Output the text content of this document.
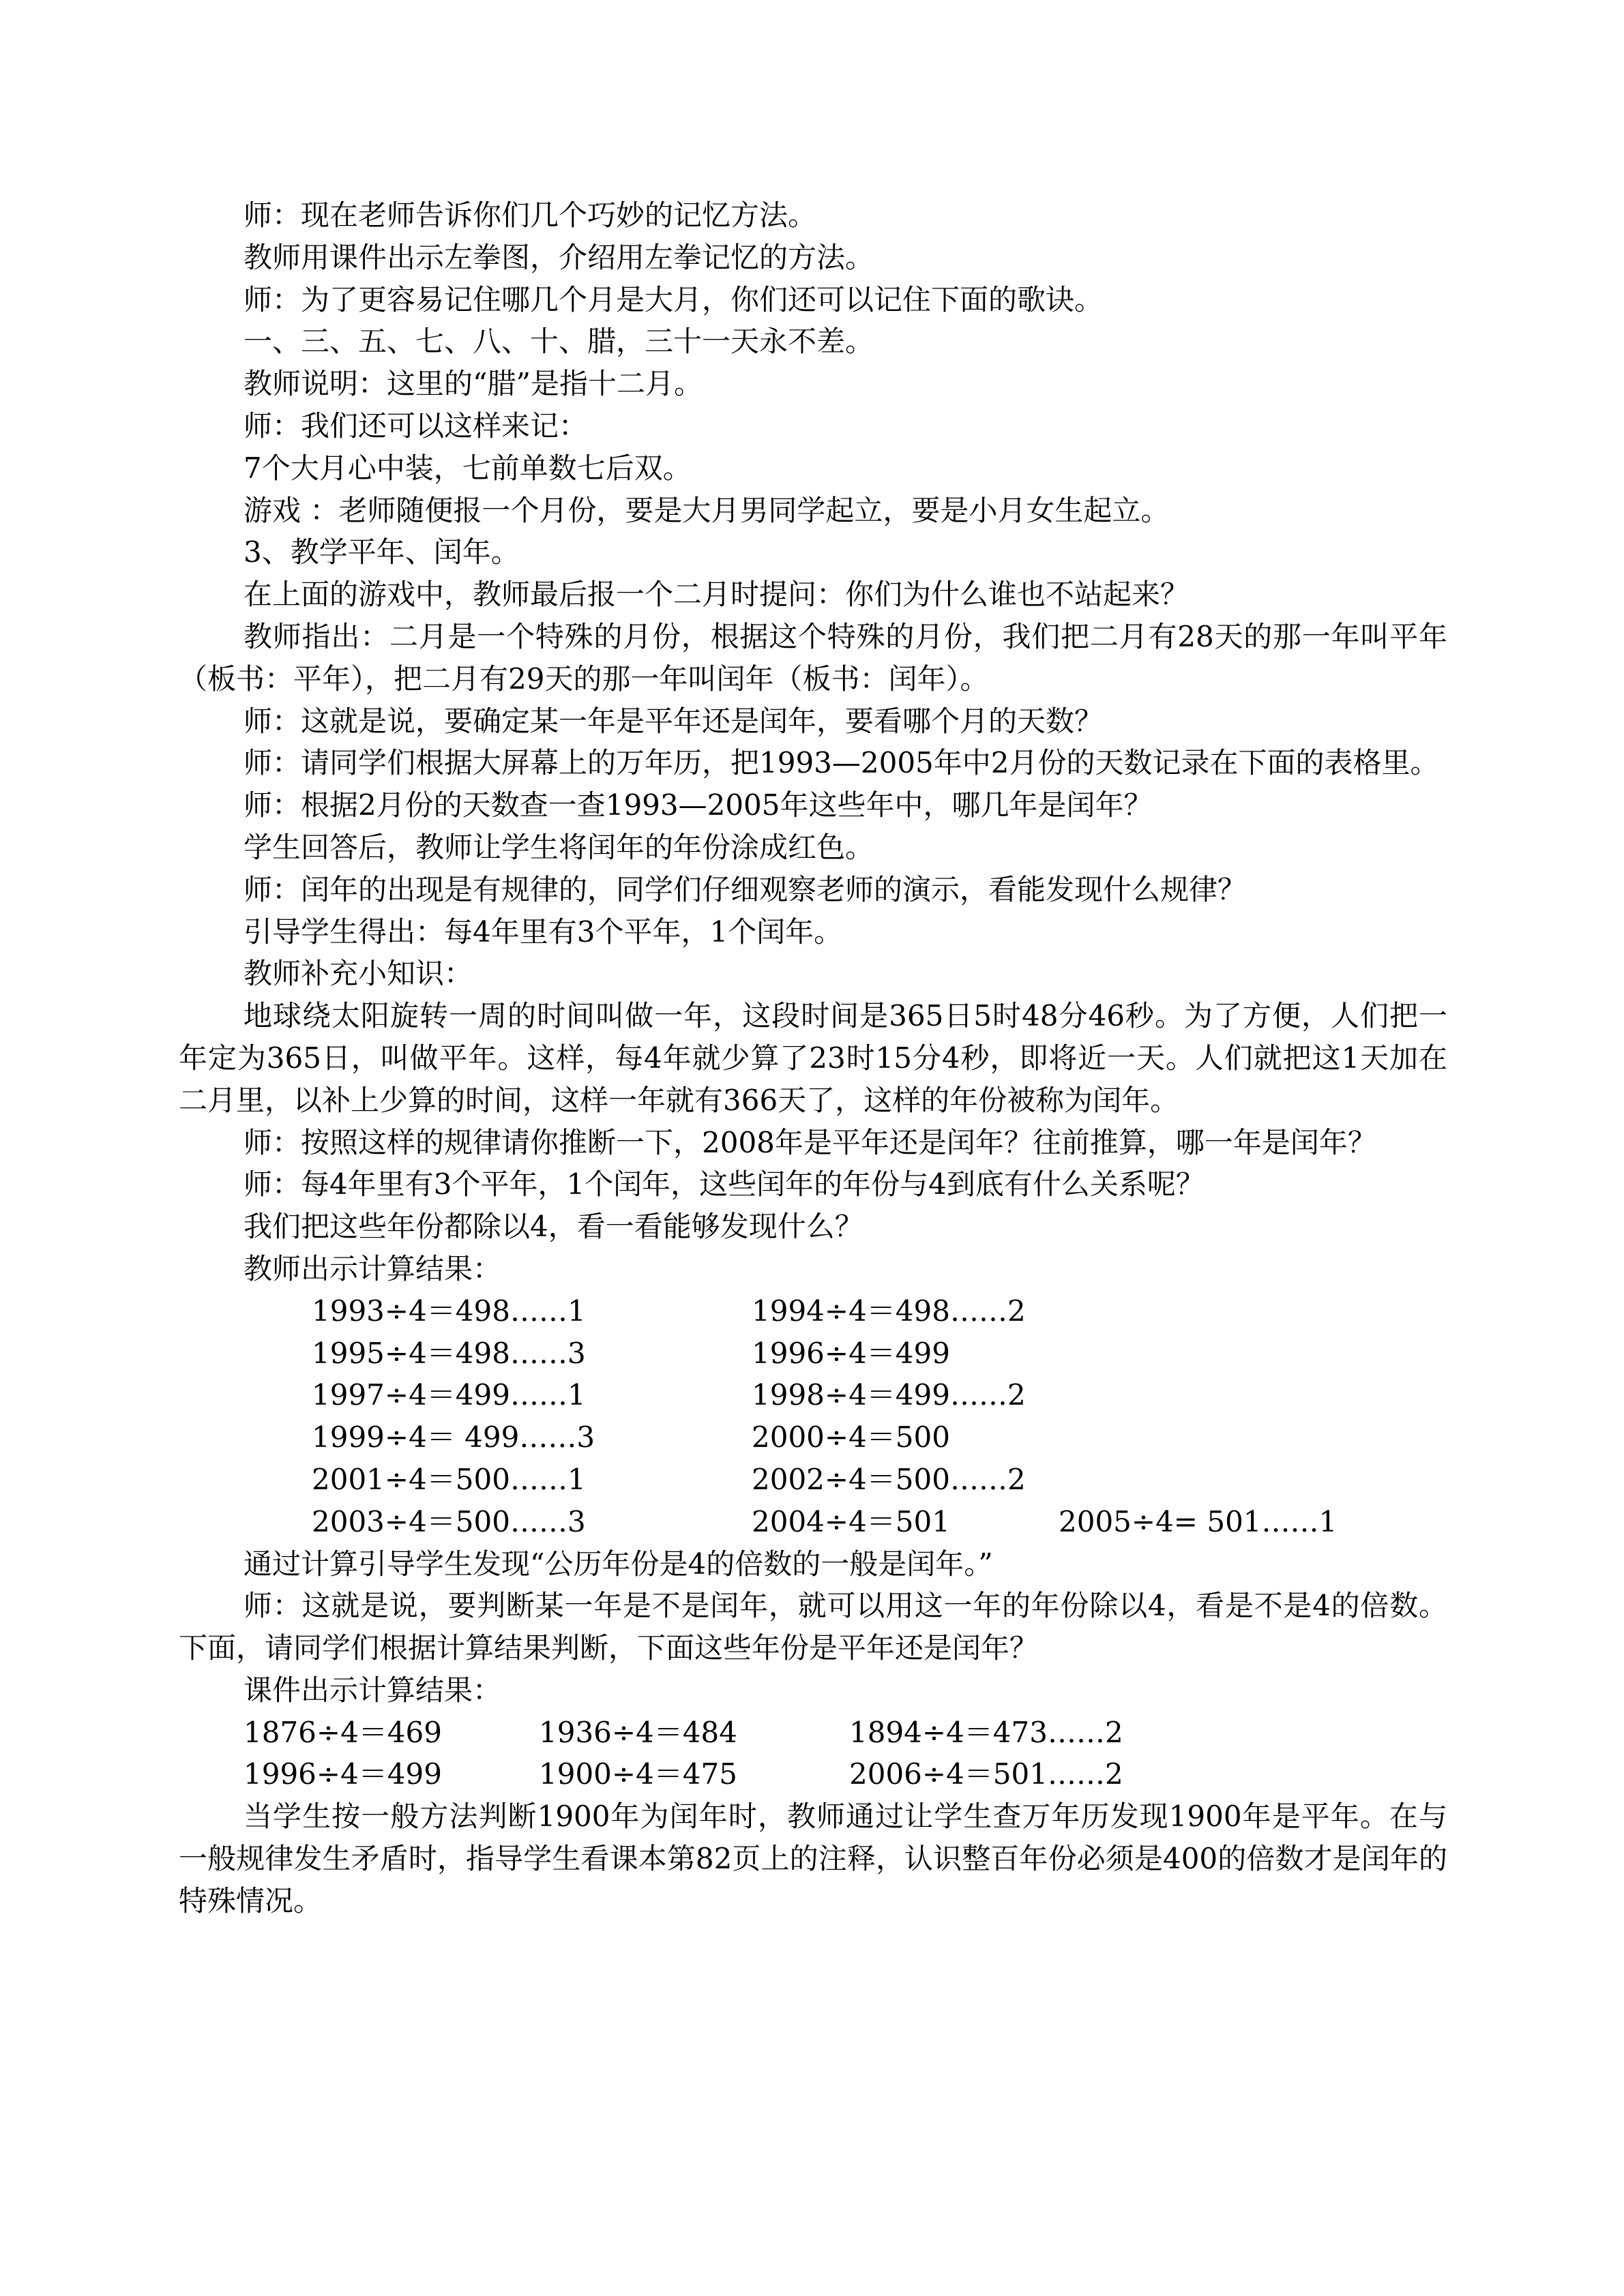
师：现在老师告诉你们几个巧妙的记忆方法。

教师用课件出示左拳图，介绍用左拳记忆的方法。

师：为了更容易记住哪几个月是大月，你们还可以记住下面的歌诀。

一、三、五、七、八、十、腊，三十一天永不差。

教师说明：这里的“腊”是指十二月。

师：我们还可以这样来记：

7个大月心中装，七前单数七后双。

游戏 ：老师随便报一个月份，要是大月男同学起立，要是小月女生起立。

3、教学平年、闰年。

在上面的游戏中，教师最后报一个二月时提问：你们为什么谁也不站起来？

教师指出：二月是一个特殊的月份，根据这个特殊的月份，我们把二月有28天的那一年叫平年（板书：平年），把二月有29天的那一年叫闰年（板书：闰年）。

师：这就是说，要确定某一年是平年还是闰年，要看哪个月的天数？

师：请同学们根据大屏幕上的万年历，把1993—2005年中2月份的天数记录在下面的表格里。

师：根据2月份的天数查一查1993—2005年这些年中，哪几年是闰年？

学生回答后，教师让学生将闰年的年份涂成红色。

师：闰年的出现是有规律的，同学们仔细观察老师的演示，看能发现什么规律？

引导学生得出：每4年里有3个平年，1个闰年。

教师补充小知识：

地球绕太阳旋转一周的时间叫做一年，这段时间是365日5时48分46秒。为了方便，人们把一年定为365日，叫做平年。这样，每4年就少算了23时15分4秒，即将近一天。人们就把这1天加在二月里，以补上少算的时间，这样一年就有366天了，这样的年份被称为闰年。

师：按照这样的规律请你推断一下，2008年是平年还是闰年？往前推算，哪一年是闰年？

师：每4年里有3个平年，1个闰年，这些闰年的年份与4到底有什么关系呢？

我们把这些年份都除以4，看一看能够发现什么？

教师出示计算结果：

1993÷4＝498……1	1994÷4＝498……2
1995÷4＝498……3	1996÷4＝499
1997÷4＝499……1	1998÷4＝499……2
1999÷4＝ 499……3	2000÷4＝500
2001÷4＝500……1	2002÷4＝500……2
2003÷4＝500……3	2004÷4＝501	2005÷4= 501……1

通过计算引导学生发现“公历年份是4的倍数的一般是闰年。”

师：这就是说，要判断某一年是不是闰年，就可以用这一年的年份除以4，看是不是4的倍数。下面，请同学们根据计算结果判断，下面这些年份是平年还是闰年？

课件出示计算结果：

1876÷4＝469	1936÷4＝484	1894÷4＝473……2
1996÷4＝499	1900÷4＝475	2006÷4＝501……2

当学生按一般方法判断1900年为闰年时，教师通过让学生查万年历发现1900年是平年。在与一般规律发生矛盾时，指导学生看课本第82页上的注释，认识整百年份必须是400的倍数才是闰年的特殊情况。
